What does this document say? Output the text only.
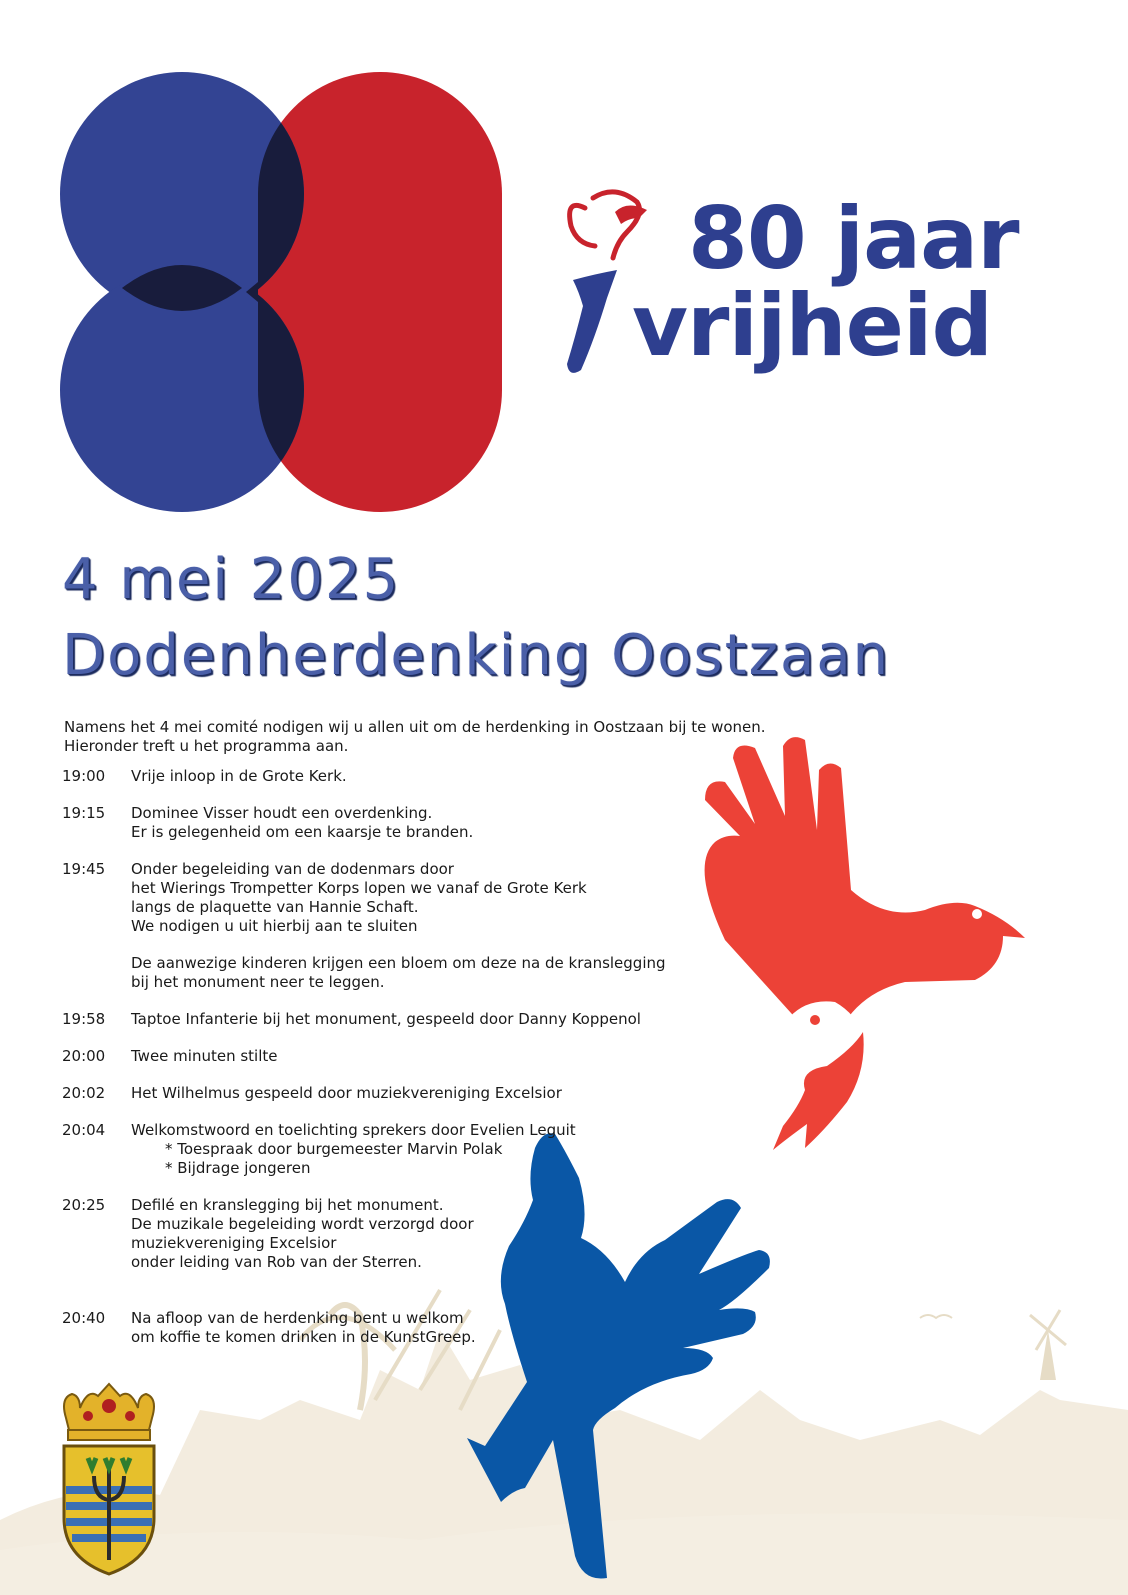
80 jaar
vrijheid
4 mei 2025
Dodenherdenking Oostzaan
Namens het 4 mei comité nodigen wij u allen uit om de herdenking in Oostzaan bij te wonen.
Hieronder treft u het programma aan.
19:00	Vrije inloop in de Grote Kerk.
19:15	Dominee Visser houdt een overdenking.
Er is gelegenheid om een kaarsje te branden.
19:45	Onder begeleiding van de dodenmars door
het Wierings Trompetter Korps lopen we vanaf de Grote Kerk
langs de plaquette van Hannie Schaft.
We nodigen u uit hierbij aan te sluiten
De aanwezige kinderen krijgen een bloem om deze na de kranslegging
bij het monument neer te leggen.
19:58	Taptoe Infanterie bij het monument, gespeeld door Danny Koppenol
20:00	Twee minuten stilte
20:02	Het Wilhelmus gespeeld door muziekvereniging Excelsior
20:04	Welkomstwoord en toelichting sprekers door Evelien Leguit
* Toespraak door burgemeester Marvin Polak
* Bijdrage jongeren
20:25	Defilé en kranslegging bij het monument.
De muzikale begeleiding wordt verzorgd door
muziekvereniging Excelsior
onder leiding van Rob van der Sterren.
20:40	Na afloop van de herdenking bent u welkom
om koffie te komen drinken in de KunstGreep.
